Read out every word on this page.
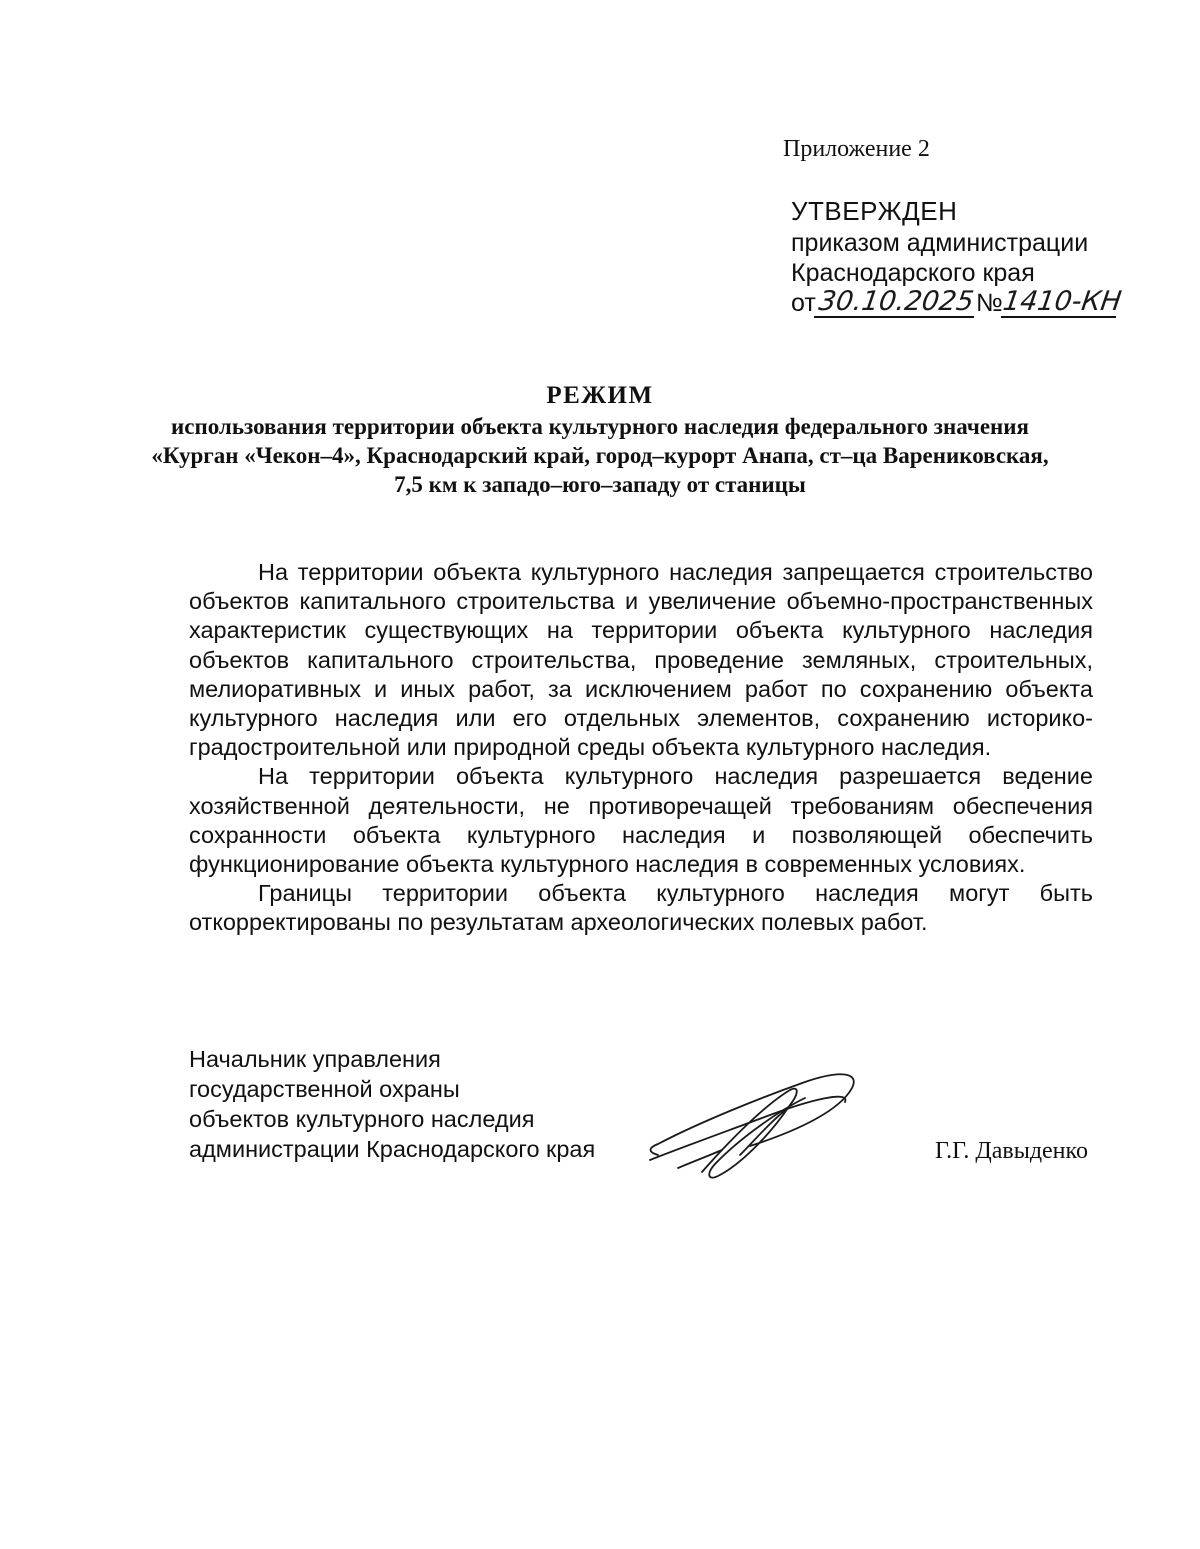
Приложение 2
УТВЕРЖДЕН
приказом администрации
Краснодарского края
от30.10.2025№1410-КН
РЕЖИМ
использования территории объекта культурного наследия федерального значения «Курган «Чекон–4», Краснодарский край, город–курорт Анапа, ст–ца Варениковская, 7,5 км к западо–юго–западу от станицы

На территории объекта культурного наследия запрещается строительство объектов капитального строительства и увеличение объемно-пространственных характеристик существующих на территории объекта культурного наследия объектов капитального строительства, проведение земляных, строительных, мелиоративных и иных работ, за исключением работ по сохранению объекта культурного наследия или его отдельных элементов, сохранению историко-градостроительной или природной среды объекта культурного наследия.

На территории объекта культурного наследия разрешается ведение хозяйственной деятельности, не противоречащей требованиям обеспечения сохранности объекта культурного наследия и позволяющей обеспечить функционирование объекта культурного наследия в современных условиях.

Границы территории объекта культурного наследия могут быть откорректированы по результатам археологических полевых работ.

Начальник управления
государственной охраны
объектов культурного наследия
администрации Краснодарского края	Г.Г. Давыденко
